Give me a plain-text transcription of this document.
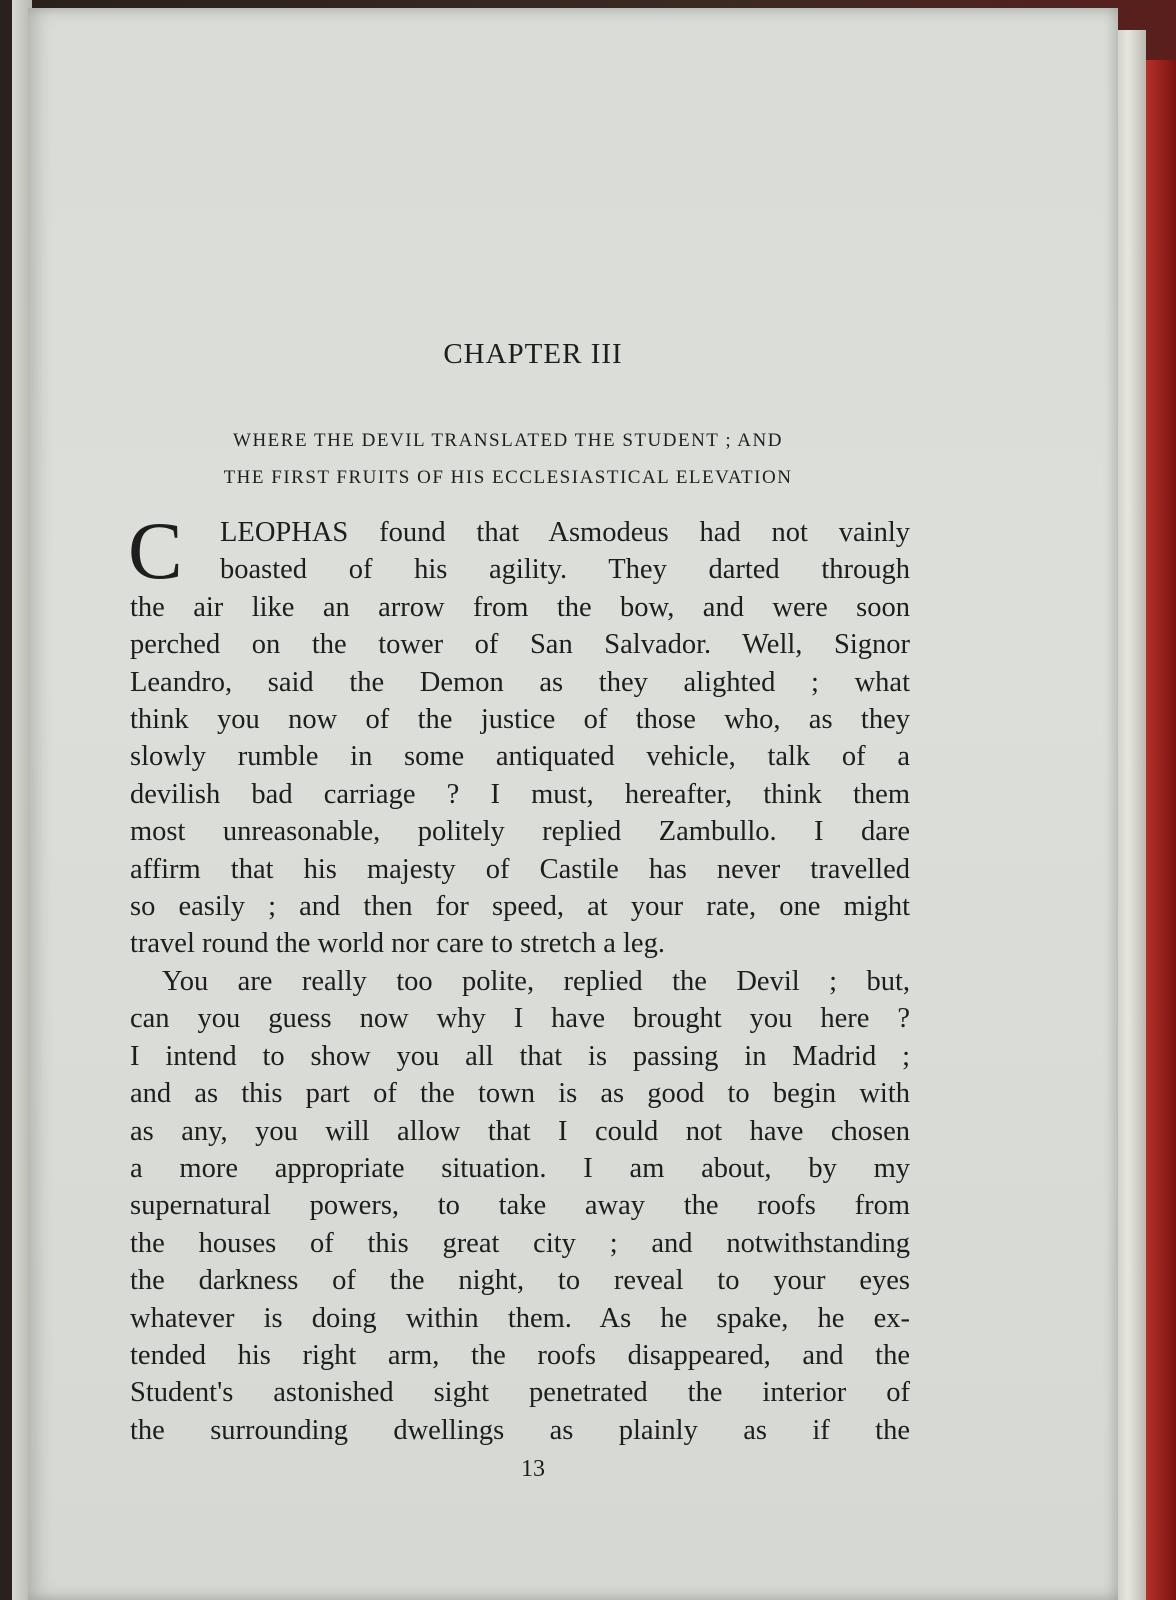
CHAPTER III
WHERE THE DEVIL TRANSLATED THE STUDENT ; AND
THE FIRST FRUITS OF HIS ECCLESIASTICAL ELEVATION
C	LEOPHAS found that Asmodeus had not vainly
boasted of his agility. They darted through
the air like an arrow from the bow, and were soon
perched on the tower of San Salvador. Well, Signor
Leandro, said the Demon as they alighted ; what
think you now of the justice of those who, as they
slowly rumble in some antiquated vehicle, talk of a
devilish bad carriage ? I must, hereafter, think them
most unreasonable, politely replied Zambullo. I dare
affirm that his majesty of Castile has never travelled
so easily ; and then for speed, at your rate, one might
travel round the world nor care to stretch a leg.
You are really too polite, replied the Devil ; but,
can you guess now why I have brought you here ?
I intend to show you all that is passing in Madrid ;
and as this part of the town is as good to begin with
as any, you will allow that I could not have chosen
a more appropriate situation. I am about, by my
supernatural powers, to take away the roofs from
the houses of this great city ; and notwithstanding
the darkness of the night, to reveal to your eyes
whatever is doing within them. As he spake, he ex-
tended his right arm, the roofs disappeared, and the
Student's astonished sight penetrated the interior of
the surrounding dwellings as plainly as if the

13
